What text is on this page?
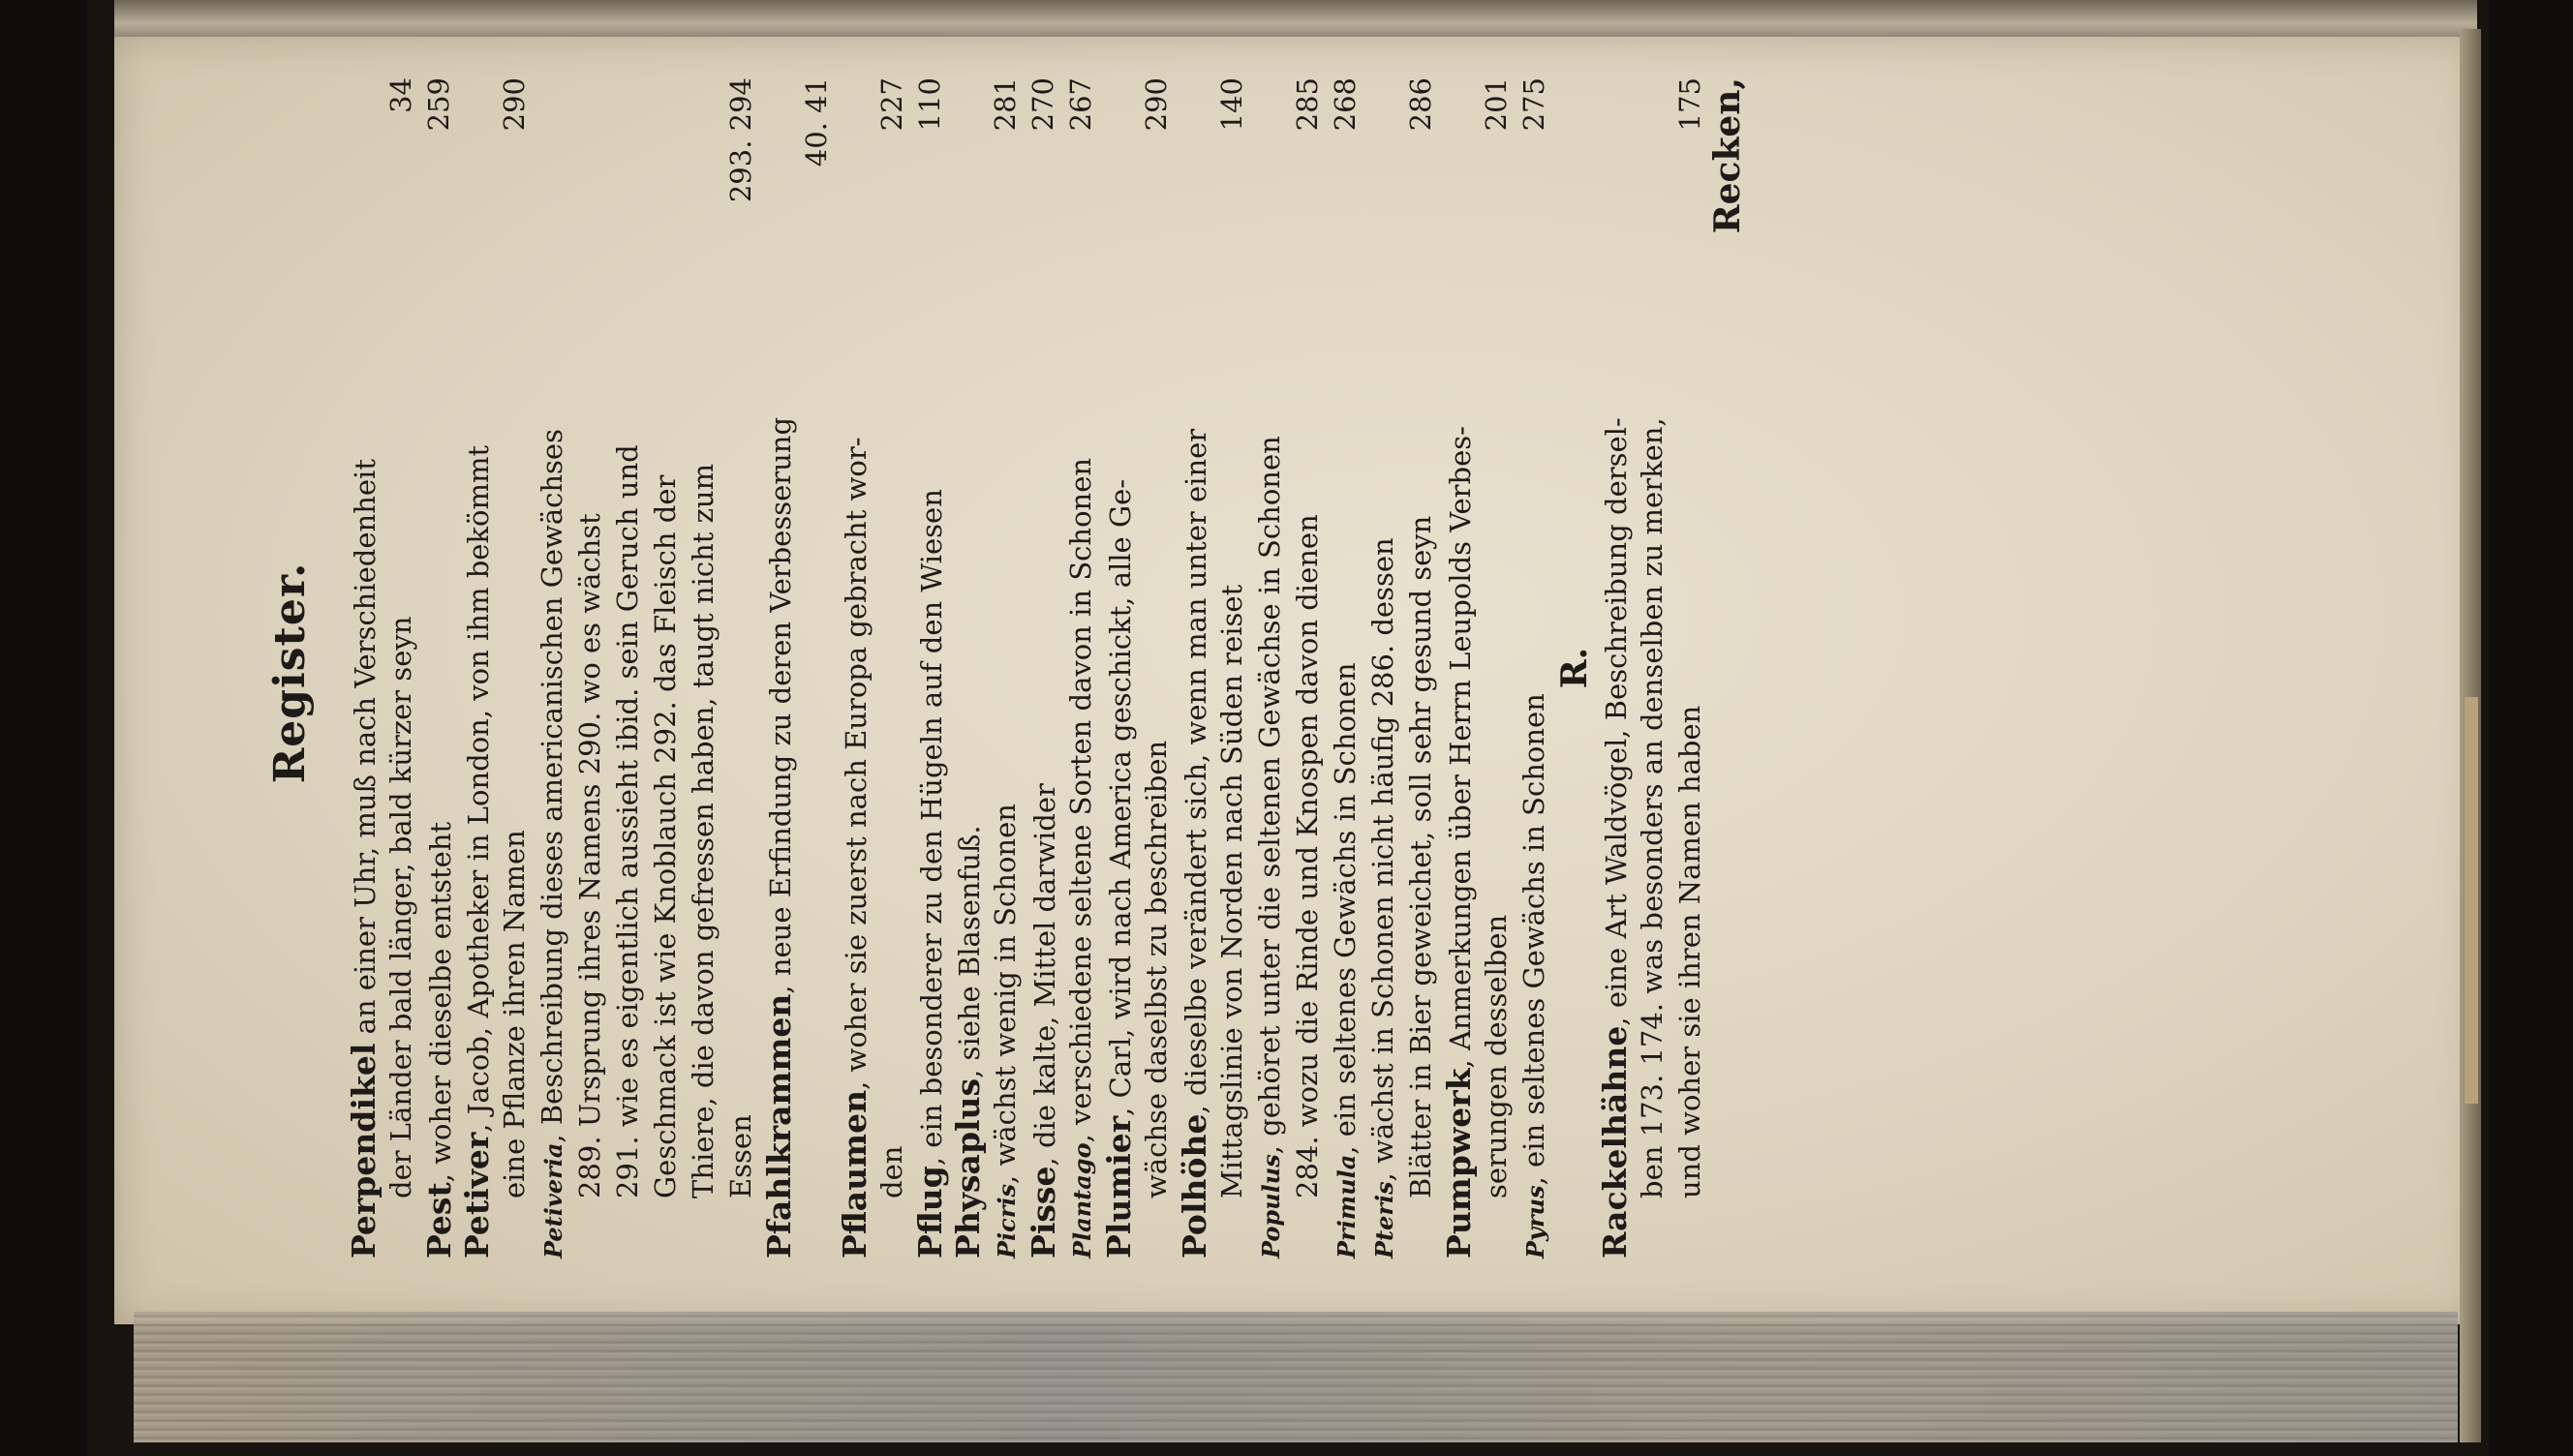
Register.
Perpendikel an einer Uhr, muß nach Verschiedenheit der Länder bald länger, bald kürzer seyn
34
Pest, woher dieselbe entsteht
259
Petiver, Jacob, Apotheker in London, von ihm bekömmt eine Pflanze ihren Namen
290
Petiveria, Beschreibung dieses americanischen Gewächses 289. Ursprung ihres Namens 290. wo es wächst 291. wie es eigentlich aussieht ibid. sein Geruch und Geschmack ist wie Knoblauch 292. das Fleisch der Thiere, die davon gefressen haben, taugt nicht zum Essen
293. 294
Pfahlkrammen, neue Erfindung zu deren Verbesserung
40. 41
Pflaumen, woher sie zuerst nach Europa gebracht wor-
den
227
Pflug, ein besonderer zu den Hügeln auf den Wiesen
110
Physaplus, siehe Blasenfuß.
Picris, wächst wenig in Schonen
281
Pisse, die kalte, Mittel darwider
270
Plantago, verschiedene seltene Sorten davon in Schonen
267
Plumier, Carl, wird nach America geschickt, alle Ge- wächse daselbst zu beschreiben
290
Polhöhe, dieselbe verändert sich, wenn man unter einer Mittagslinie von Norden nach Süden reiset
140
Populus, gehöret unter die seltenen Gewächse in Schonen 284. wozu die Rinde und Knospen davon dienen
285
Primula, ein seltenes Gewächs in Schonen
268
Pteris, wächst in Schonen nicht häufig 286. dessen Blätter in Bier geweichet, soll sehr gesund seyn
286
Pumpwerk, Anmerkungen über Herrn Leupolds Verbes- serungen desselben
201
Pyrus, ein seltenes Gewächs in Schonen
275
R.
Rackelhähne, eine Art Waldvögel, Beschreibung dersel- ben 173. 174. was besonders an denselben zu merken, und woher sie ihren Namen haben
175 Recken,
